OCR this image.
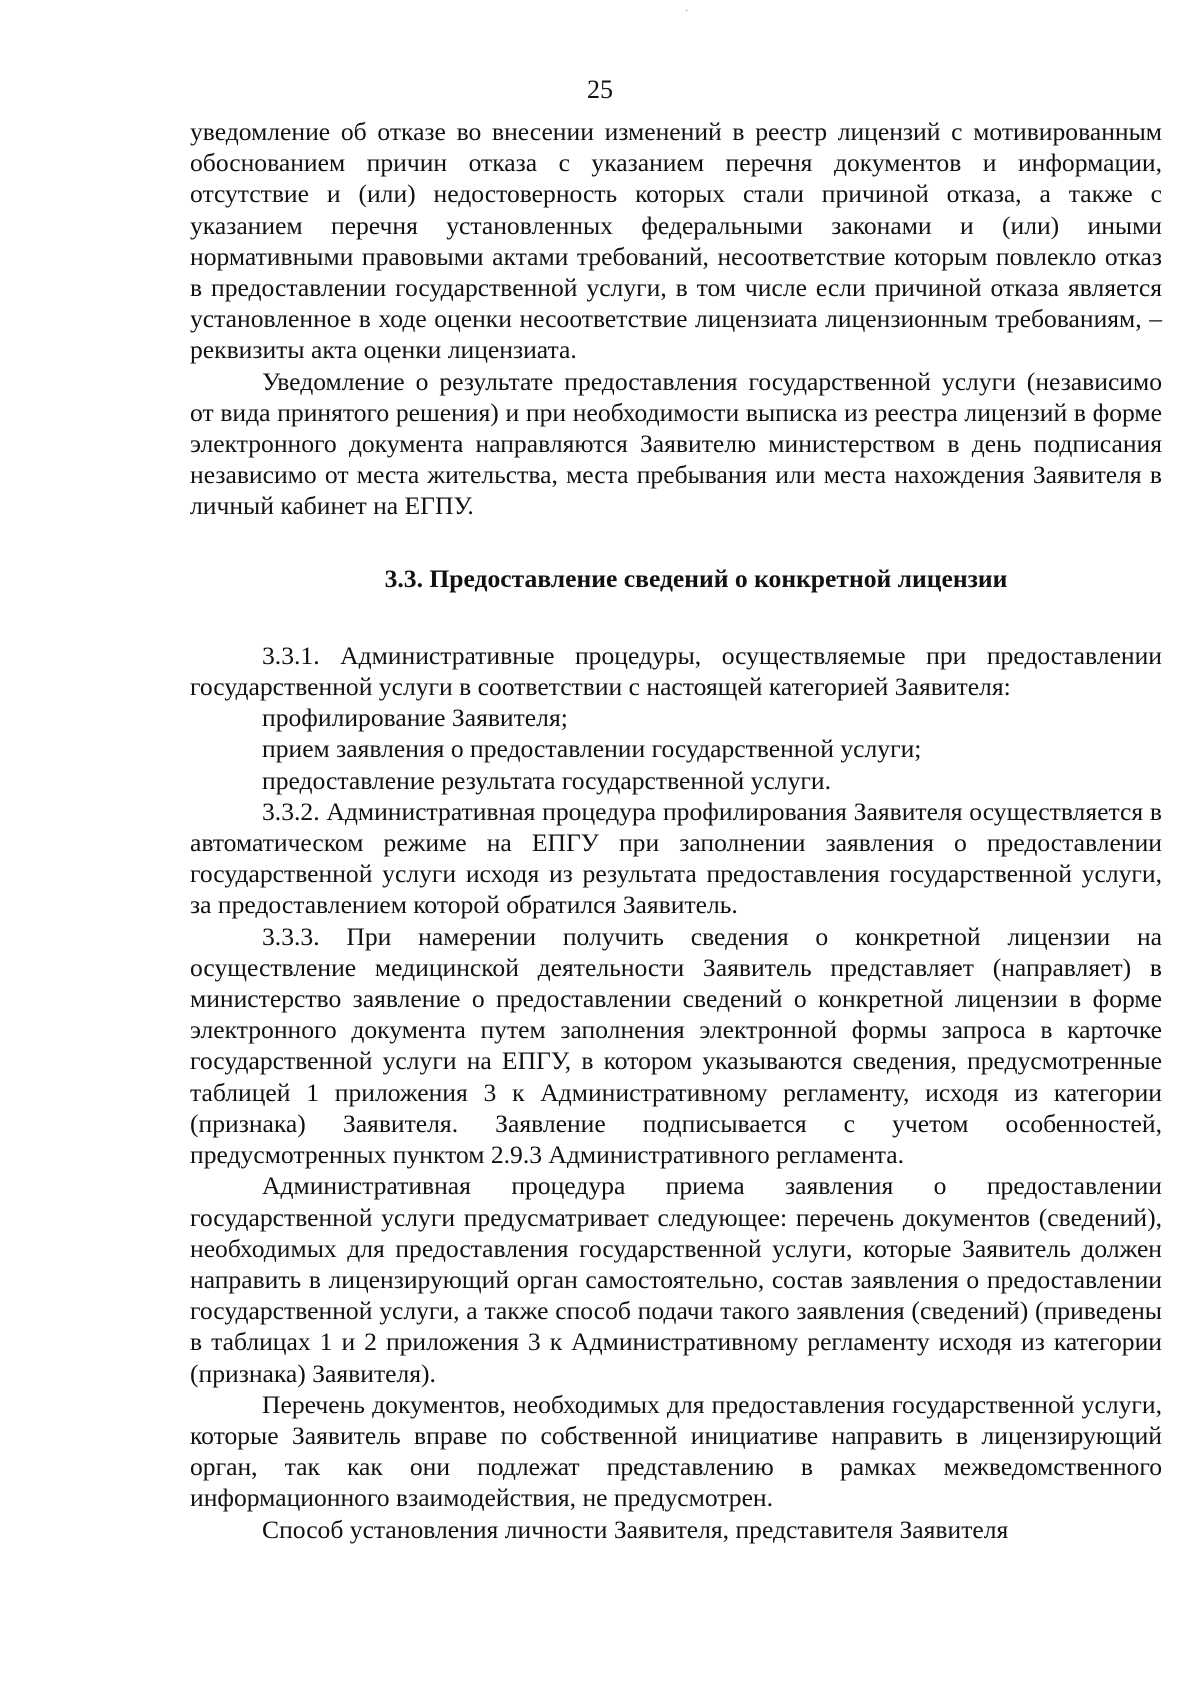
·
25

уведомление об отказе во внесении изменений в реестр лицензий с мотивированным обоснованием причин отказа с указанием перечня документов и информации, отсутствие и (или) недостоверность которых стали причиной отказа, а также с указанием перечня установленных федеральными законами и (или) иными нормативными правовыми актами требований, несоответствие которым повлекло отказ в предоставлении государственной услуги, в том числе если причиной отказа является установленное в ходе оценки несоответствие лицензиата лицензионным требованиям, – реквизиты акта оценки лицензиата.

Уведомление о результате предоставления государственной услуги (независимо от вида принятого решения) и при необходимости выписка из реестра лицензий в форме электронного документа направляются Заявителю министерством в день подписания независимо от места жительства, места пребывания или места нахождения Заявителя в личный кабинет на ЕГПУ.

3.3. Предоставление сведений о конкретной лицензии

3.3.1. Административные процедуры, осуществляемые при предоставлении государственной услуги в соответствии с настоящей категорией Заявителя:

профилирование Заявителя;

прием заявления о предоставлении государственной услуги;

предоставление результата государственной услуги.

3.3.2. Административная процедура профилирования Заявителя осуществляется в автоматическом режиме на ЕПГУ при заполнении заявления о предоставлении государственной услуги исходя из результата предоставления государственной услуги, за предоставлением которой обратился Заявитель.

3.3.3. При намерении получить сведения о конкретной лицензии на осуществление медицинской деятельности Заявитель представляет (направляет) в министерство заявление о предоставлении сведений о конкретной лицензии в форме электронного документа путем заполнения электронной формы запроса в карточке государственной услуги на ЕПГУ, в котором указываются сведения, предусмотренные таблицей 1 приложения 3 к Административному регламенту, исходя из категории (признака) Заявителя. Заявление подписывается с учетом особенностей, предусмотренных пунктом 2.9.3 Административного регламента.

Административная процедура приема заявления о предоставлении государственной услуги предусматривает следующее: перечень документов (сведений), необходимых для предоставления государственной услуги, которые Заявитель должен направить в лицензирующий орган самостоятельно, состав заявления о предоставлении государственной услуги, а также способ подачи такого заявления (сведений) (приведены в таблицах 1 и 2 приложения 3 к Административному регламенту исходя из категории (признака) Заявителя).

Перечень документов, необходимых для предоставления государственной услуги, которые Заявитель вправе по собственной инициативе направить в лицензирующий орган, так как они подлежат представлению в рамках межведомственного информационного взаимодействия, не предусмотрен.

Способ установления личности Заявителя, представителя Заявителя
